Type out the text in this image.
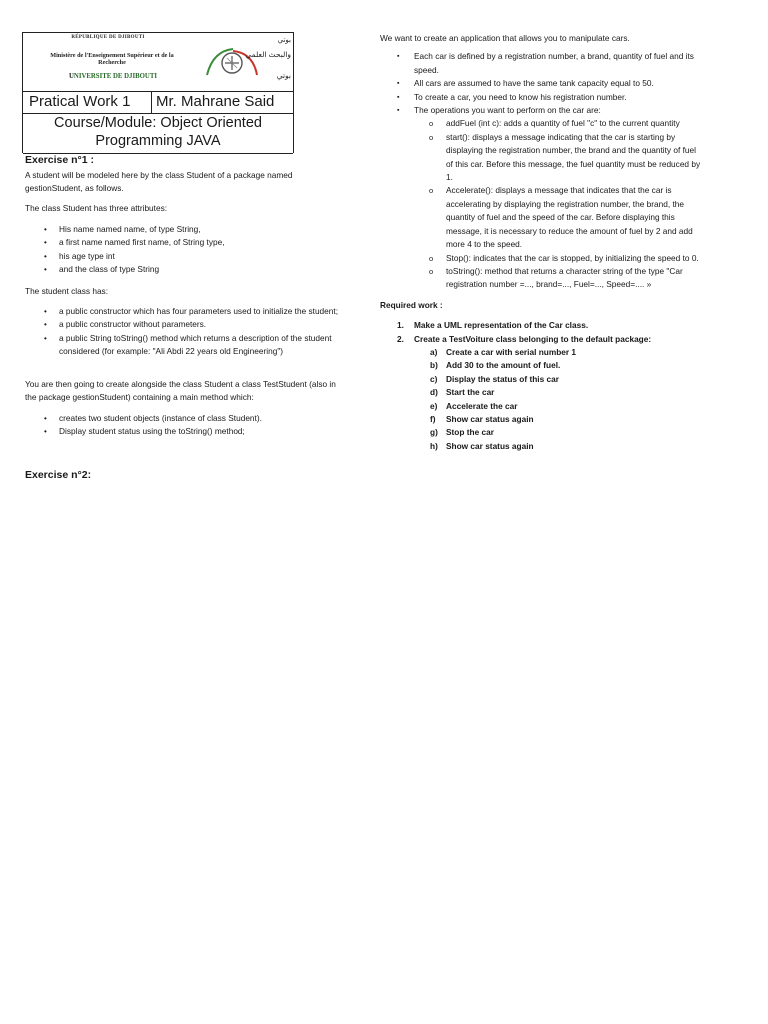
RÉPUBLIQUE DE DJIBOUTI
Ministère de l'Enseignement Supérieur et de la Recherche
UNIVERSITE DE DJIBOUTI
بوتي
والبحث العلمي
بوتي
Pratical Work 1 Mr. Mahrane Said
Course/Module: Object Oriented Programming JAVA
Exercise n°1 :

A student will be modeled here by the class Student of a package named gestionStudent, as follows.

The class Student has three attributes:

• His name named name, of type String,
• a first name named first name, of String type,
• his age type int
• and the class of type String

The student class has:

• a public constructor which has four parameters used to initialize the student;
• a public constructor without parameters.
• a public String toString() method which returns a description of the student considered (for example: "Ali Abdi 22 years old Engineering")

You are then going to create alongside the class Student a class TestStudent (also in the package gestionStudent) containing a main method which:

• creates two student objects (instance of class Student).
• Display student status using the toString() method;
Exercise n°2:
We want to create an application that allows you to manipulate cars.
▪ Each car is defined by a registration number, a brand, quantity of fuel and its speed.
▪ All cars are assumed to have the same tank capacity equal to 50.
▪ To create a car, you need to know his registration number.
▪ The operations you want to perform on the car are:
o addFuel (int c): adds a quantity of fuel "c" to the current quantity
o start(): displays a message indicating that the car is starting by displaying the registration number, the brand and the quantity of fuel of this car. Before this message, the fuel quantity must be reduced by 1.
o Accelerate(): displays a message that indicates that the car is accelerating by displaying the registration number, the brand, the quantity of fuel and the speed of the car. Before displaying this message, it is necessary to reduce the amount of fuel by 2 and add more 4 to the speed.
o Stop(): indicates that the car is stopped, by initializing the speed to 0.
o toString(): method that returns a character string of the type "Car registration number =..., brand=..., Fuel=..., Speed=.... »
Required work :
1. Make a UML representation of the Car class.
2. Create a TestVoiture class belonging to the default package:
a) Create a car with serial number 1
b) Add 30 to the amount of fuel.
c) Display the status of this car
d) Start the car
e) Accelerate the car
f) Show car status again
g) Stop the car
h) Show car status again
